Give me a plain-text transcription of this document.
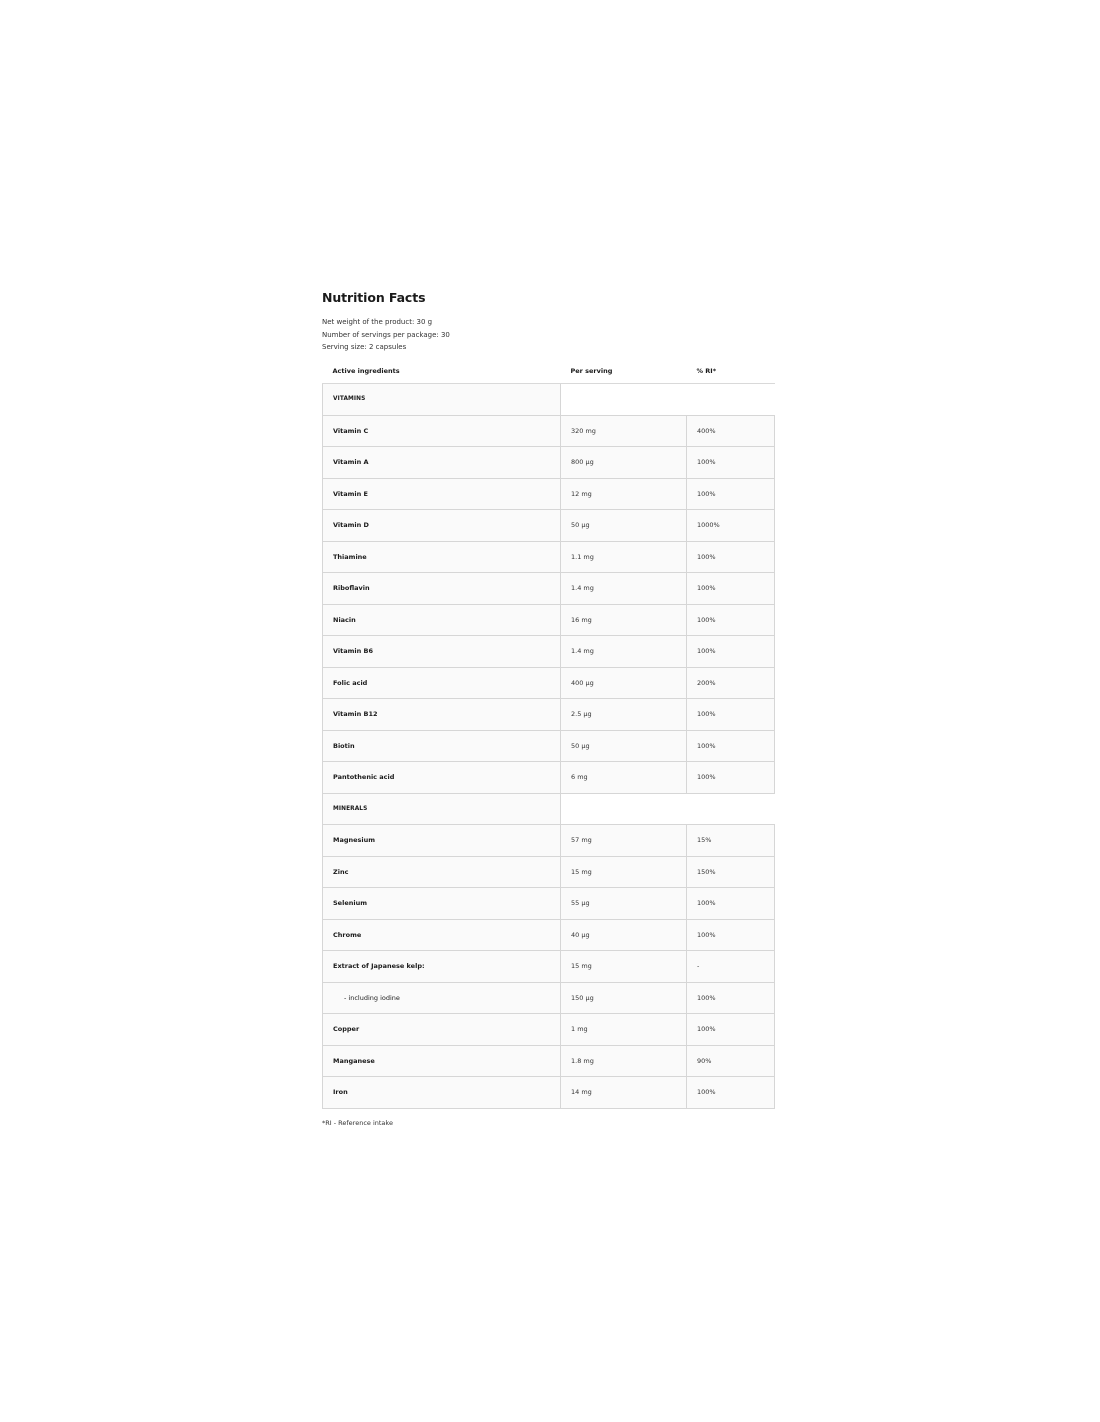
Nutrition Facts
Net weight of the product: 30 g
Number of servings per package: 30
Serving size: 2 capsules
Active ingredients	Per serving	% RI*
VITAMINS		
Vitamin C	320 mg	400%
Vitamin A	800 µg	100%
Vitamin E	12 mg	100%
Vitamin D	50 µg	1000%
Thiamine	1.1 mg	100%
Riboflavin	1.4 mg	100%
Niacin	16 mg	100%
Vitamin B6	1.4 mg	100%
Folic acid	400 µg	200%
Vitamin B12	2.5 µg	100%
Biotin	50 µg	100%
Pantothenic acid	6 mg	100%
MINERALS		
Magnesium	57 mg	15%
Zinc	15 mg	150%
Selenium	55 µg	100%
Chrome	40 µg	100%
Extract of Japanese kelp:	15 mg	-
- including iodine	150 µg	100%
Copper	1 mg	100%
Manganese	1.8 mg	90%
Iron	14 mg	100%
*RI - Reference intake
